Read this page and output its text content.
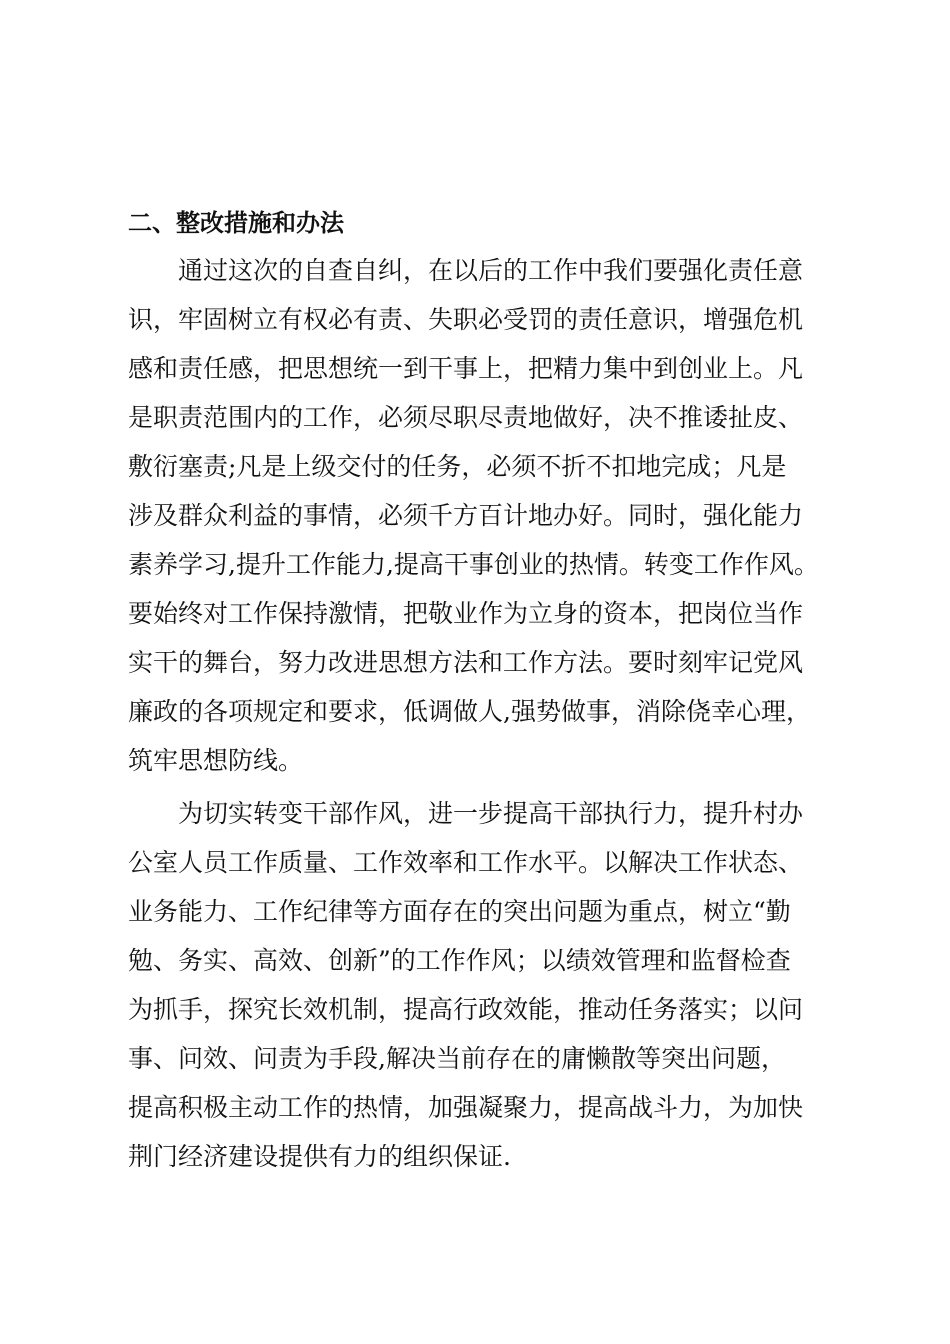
二、整改措施和办法
通过这次的自查自纠，在以后的工作中我们要强化责任意
识，牢固树立有权必有责、失职必受罚的责任意识，增强危机
感和责任感，把思想统一到干事上，把精力集中到创业上。凡
是职责范围内的工作，必须尽职尽责地做好，决不推诿扯皮、
敷衍塞责;凡是上级交付的任务，必须不折不扣地完成；凡是
涉及群众利益的事情，必须千方百计地办好。同时，强化能力
素养学习,提升工作能力,提高干事创业的热情。转变工作作风。
要始终对工作保持激情，把敬业作为立身的资本，把岗位当作
实干的舞台，努力改进思想方法和工作方法。要时刻牢记党风
廉政的各项规定和要求，低调做人,强势做事，消除侥幸心理，
筑牢思想防线。
为切实转变干部作风，进一步提高干部执行力，提升村办
公室人员工作质量、工作效率和工作水平。以解决工作状态、
业务能力、工作纪律等方面存在的突出问题为重点，树立“勤
勉、务实、高效、创新”的工作作风；以绩效管理和监督检查
为抓手，探究长效机制，提高行政效能，推动任务落实；以问
事、问效、问责为手段,解决当前存在的庸懒散等突出问题，
提高积极主动工作的热情，加强凝聚力，提高战斗力，为加快
荆门经济建设提供有力的组织保证.
